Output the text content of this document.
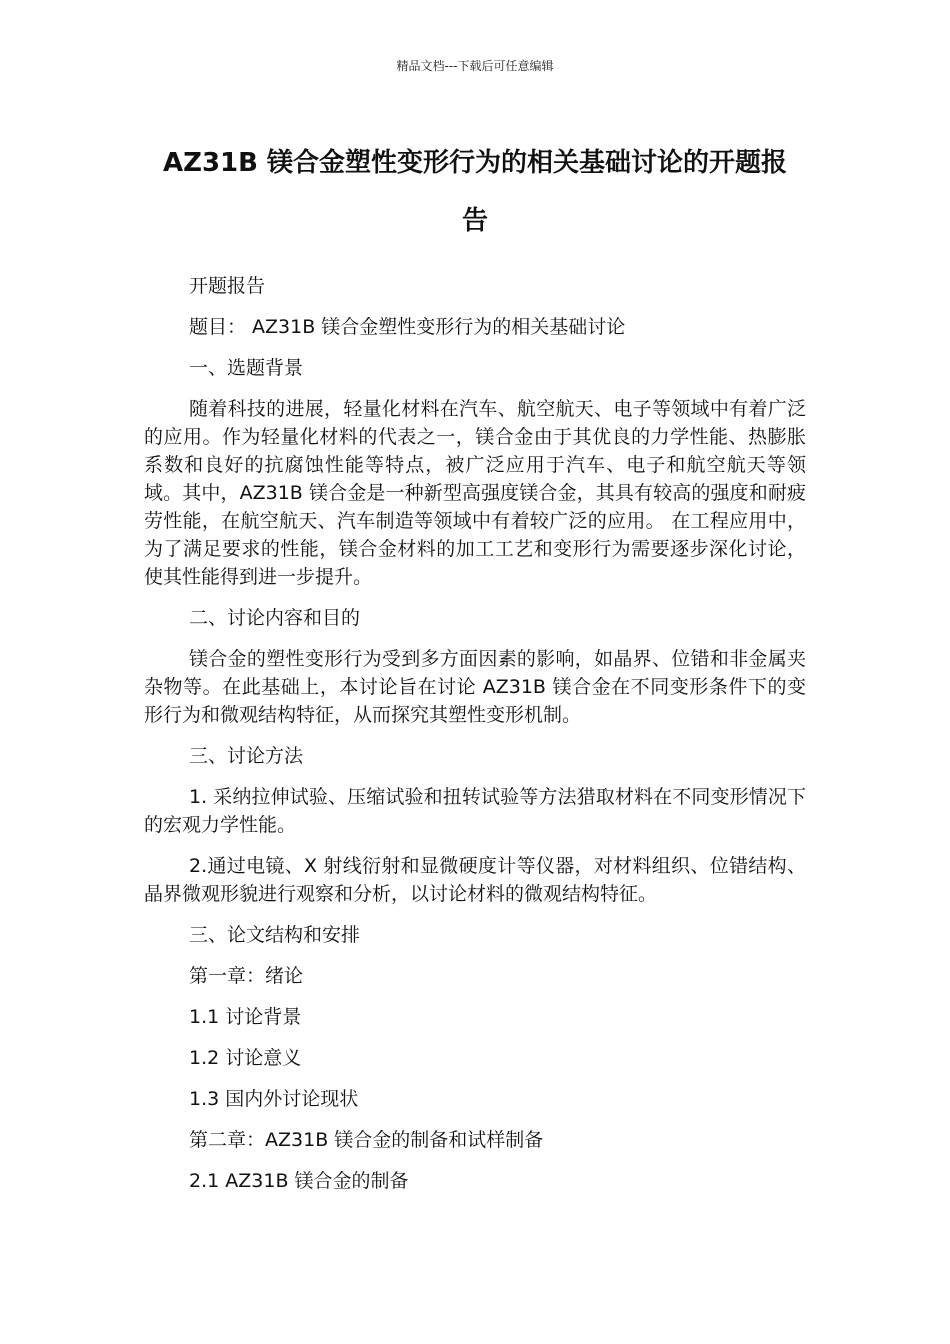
精品文档---下载后可任意编辑
AZ31B 镁合金塑性变形行为的相关基础讨论的开题报告

开题报告

题目： AZ31B 镁合金塑性变形行为的相关基础讨论

一、选题背景

随着科技的进展，轻量化材料在汽车、航空航天、电子等领域中有着广泛的应用。作为轻量化材料的代表之一，镁合金由于其优良的力学性能、热膨胀系数和良好的抗腐蚀性能等特点，被广泛应用于汽车、电子和航空航天等领域。其中，AZ31B 镁合金是一种新型高强度镁合金，其具有较高的强度和耐疲劳性能，在航空航天、汽车制造等领域中有着较广泛的应用。 在工程应用中，为了满足要求的性能，镁合金材料的加工工艺和变形行为需要逐步深化讨论，使其性能得到进一步提升。

二、讨论内容和目的

镁合金的塑性变形行为受到多方面因素的影响，如晶界、位错和非金属夹杂物等。在此基础上，本讨论旨在讨论 AZ31B 镁合金在不同变形条件下的变形行为和微观结构特征，从而探究其塑性变形机制。

三、讨论方法

1. 采纳拉伸试验、压缩试验和扭转试验等方法猎取材料在不同变形情况下的宏观力学性能。

2.通过电镜、X 射线衍射和显微硬度计等仪器，对材料组织、位错结构、晶界微观形貌进行观察和分析，以讨论材料的微观结构特征。

三、论文结构和安排

第一章：绪论

1.1 讨论背景

1.2 讨论意义

1.3 国内外讨论现状

第二章：AZ31B 镁合金的制备和试样制备

2.1 AZ31B 镁合金的制备
